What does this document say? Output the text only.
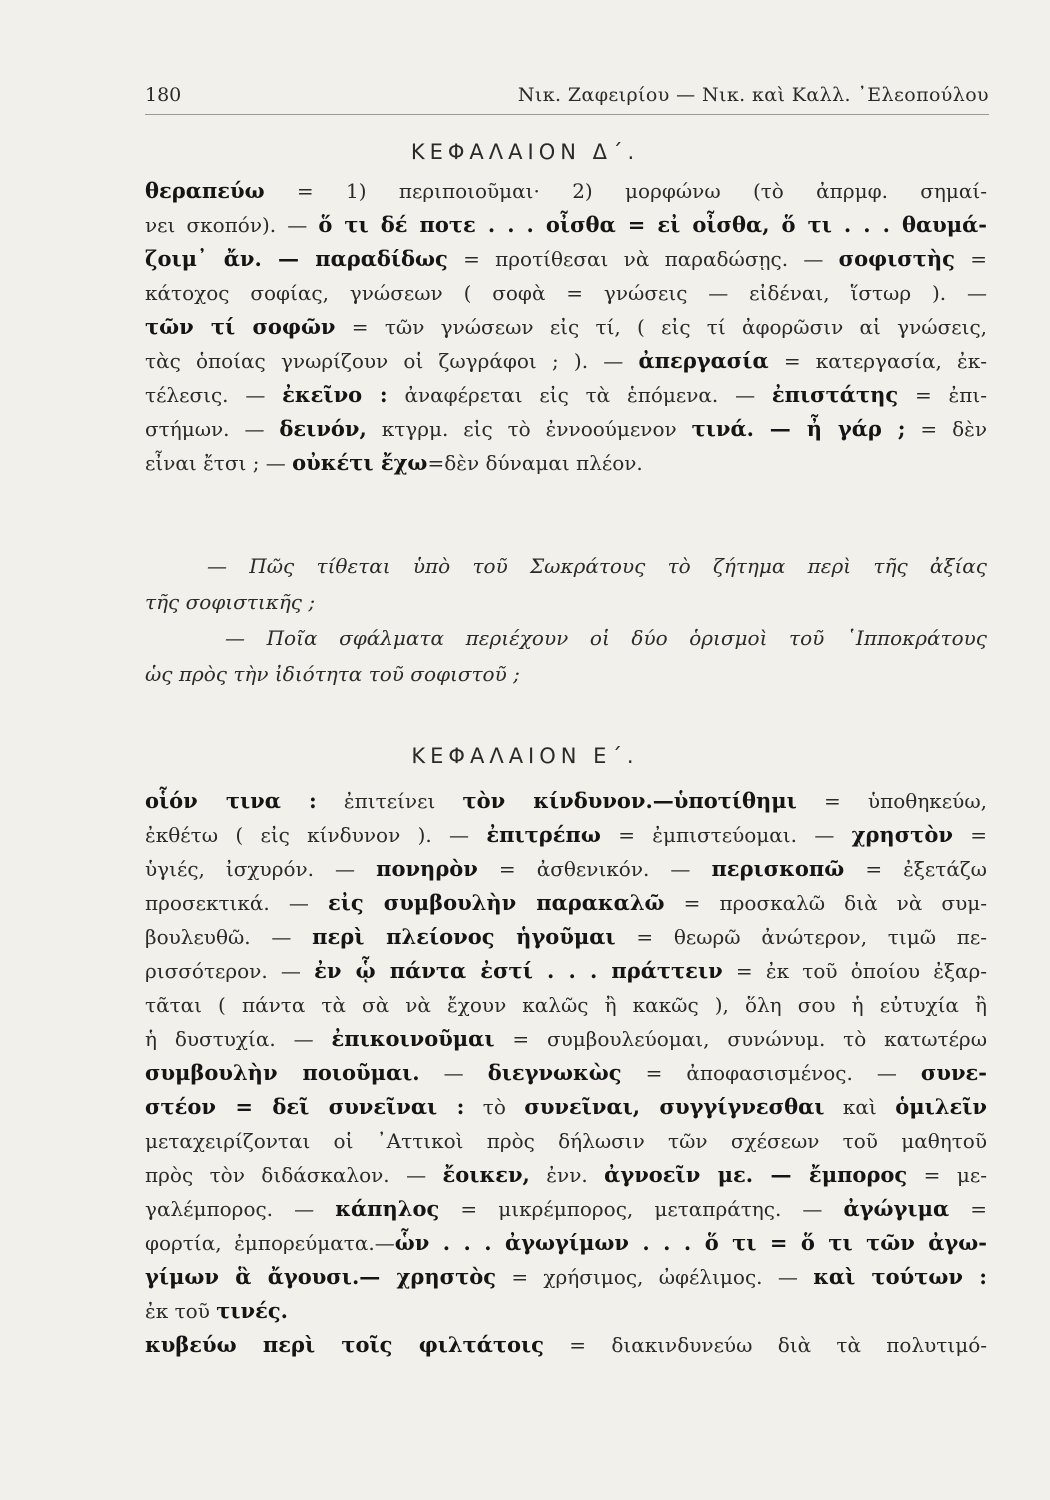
180	Νικ. Ζαφειρίου — Νικ. καὶ Καλλ. ᾿Ελεοπούλου
ΚΕΦΑΛΑΙΟΝ Δ΄.
θεραπεύω = 1) περιποιοῦμαι· 2) μορφώνω (τὸ ἀπρμφ. σημαί-
νει σκοπόν). — ὅ τι δέ ποτε . . . οἶσθα = εἰ οἶσθα, ὅ τι . . . θαυμά-
ζοιμ᾿ ἄν. — παραδίδως = προτίθεσαι νὰ παραδώσῃς. — σοφιστὴς =
κάτοχος σοφίας, γνώσεων ( σοφὰ = γνώσεις — εἰδέναι, ἵστωρ ). —
τῶν τί σοφῶν = τῶν γνώσεων εἰς τί, ( εἰς τί ἀφορῶσιν αἱ γνώσεις,
τὰς ὁποίας γνωρίζουν οἱ ζωγράφοι ; ). — ἀπεργασία = κατεργασία, ἐκ-
τέλεσις. — ἐκεῖνο : ἀναφέρεται εἰς τὰ ἑπόμενα. — ἐπιστάτης = ἐπι-
στήμων. — δεινόν, κτγρμ. εἰς τὸ ἐννοούμενον τινά. — ἦ γάρ ; = δὲν
εἶναι ἔτσι ; — οὐκέτι ἔχω=δὲν δύναμαι πλέον.
— Πῶς τίθεται ὑπὸ τοῦ Σωκράτους τὸ ζήτημα περὶ τῆς ἀξίας
τῆς σοφιστικῆς ;
— Ποῖα σφάλματα περιέχουν οἱ δύο ὁρισμοὶ τοῦ ῾Ιπποκράτους
ὡς πρὸς τὴν ἰδιότητα τοῦ σοφιστοῦ ;
ΚΕΦΑΛΑΙΟΝ Ε΄.
οἷόν τινα : ἐπιτείνει τὸν κίνδυνον.—ὑποτίθημι = ὑποθηκεύω,
ἐκθέτω ( εἰς κίνδυνον ). — ἐπιτρέπω = ἐμπιστεύομαι. — χρηστὸν =
ὑγιές, ἰσχυρόν. — πονηρὸν = ἀσθενικόν. — περισκοπῶ = ἐξετάζω
προσεκτικά. — εἰς συμβουλὴν παρακαλῶ = προσκαλῶ διὰ νὰ συμ-
βουλευθῶ. — περὶ πλείονος ἡγοῦμαι = θεωρῶ ἀνώτερον, τιμῶ πε-
ρισσότερον. — ἐν ᾧ πάντα ἐστί . . . πράττειν = ἐκ τοῦ ὁποίου ἐξαρ-
τᾶται ( πάντα τὰ σὰ νὰ ἔχουν καλῶς ἢ κακῶς ), ὅλη σου ἡ εὐτυχία ἢ
ἡ δυστυχία. — ἐπικοινοῦμαι = συμβουλεύομαι, συνώνυμ. τὸ κατωτέρω
συμβουλὴν ποιοῦμαι. — διεγνωκὼς = ἀποφασισμένος. — συνε-
στέον = δεῖ συνεῖναι : τὸ συνεῖναι, συγγίγνεσθαι καὶ ὁμιλεῖν
μεταχειρίζονται οἱ ᾿Αττικοὶ πρὸς δήλωσιν τῶν σχέσεων τοῦ μαθητοῦ
πρὸς τὸν διδάσκαλον. — ἔοικεν, ἐνν. ἀγνοεῖν με. — ἔμπορος = με-
γαλέμπορος. — κάπηλος = μικρέμπορος, μεταπράτης. — ἀγώγιμα =
φορτία, ἐμπορεύματα.—ὧν . . . ἀγωγίμων . . . ὅ τι = ὅ τι τῶν ἀγω-
γίμων ἃ ἄγουσι.— χρηστὸς = χρήσιμος, ὠφέλιμος. — καὶ τούτων :
ἐκ τοῦ τινές.
κυβεύω περὶ τοῖς φιλτάτοις = διακινδυνεύω διὰ τὰ πολυτιμό-
